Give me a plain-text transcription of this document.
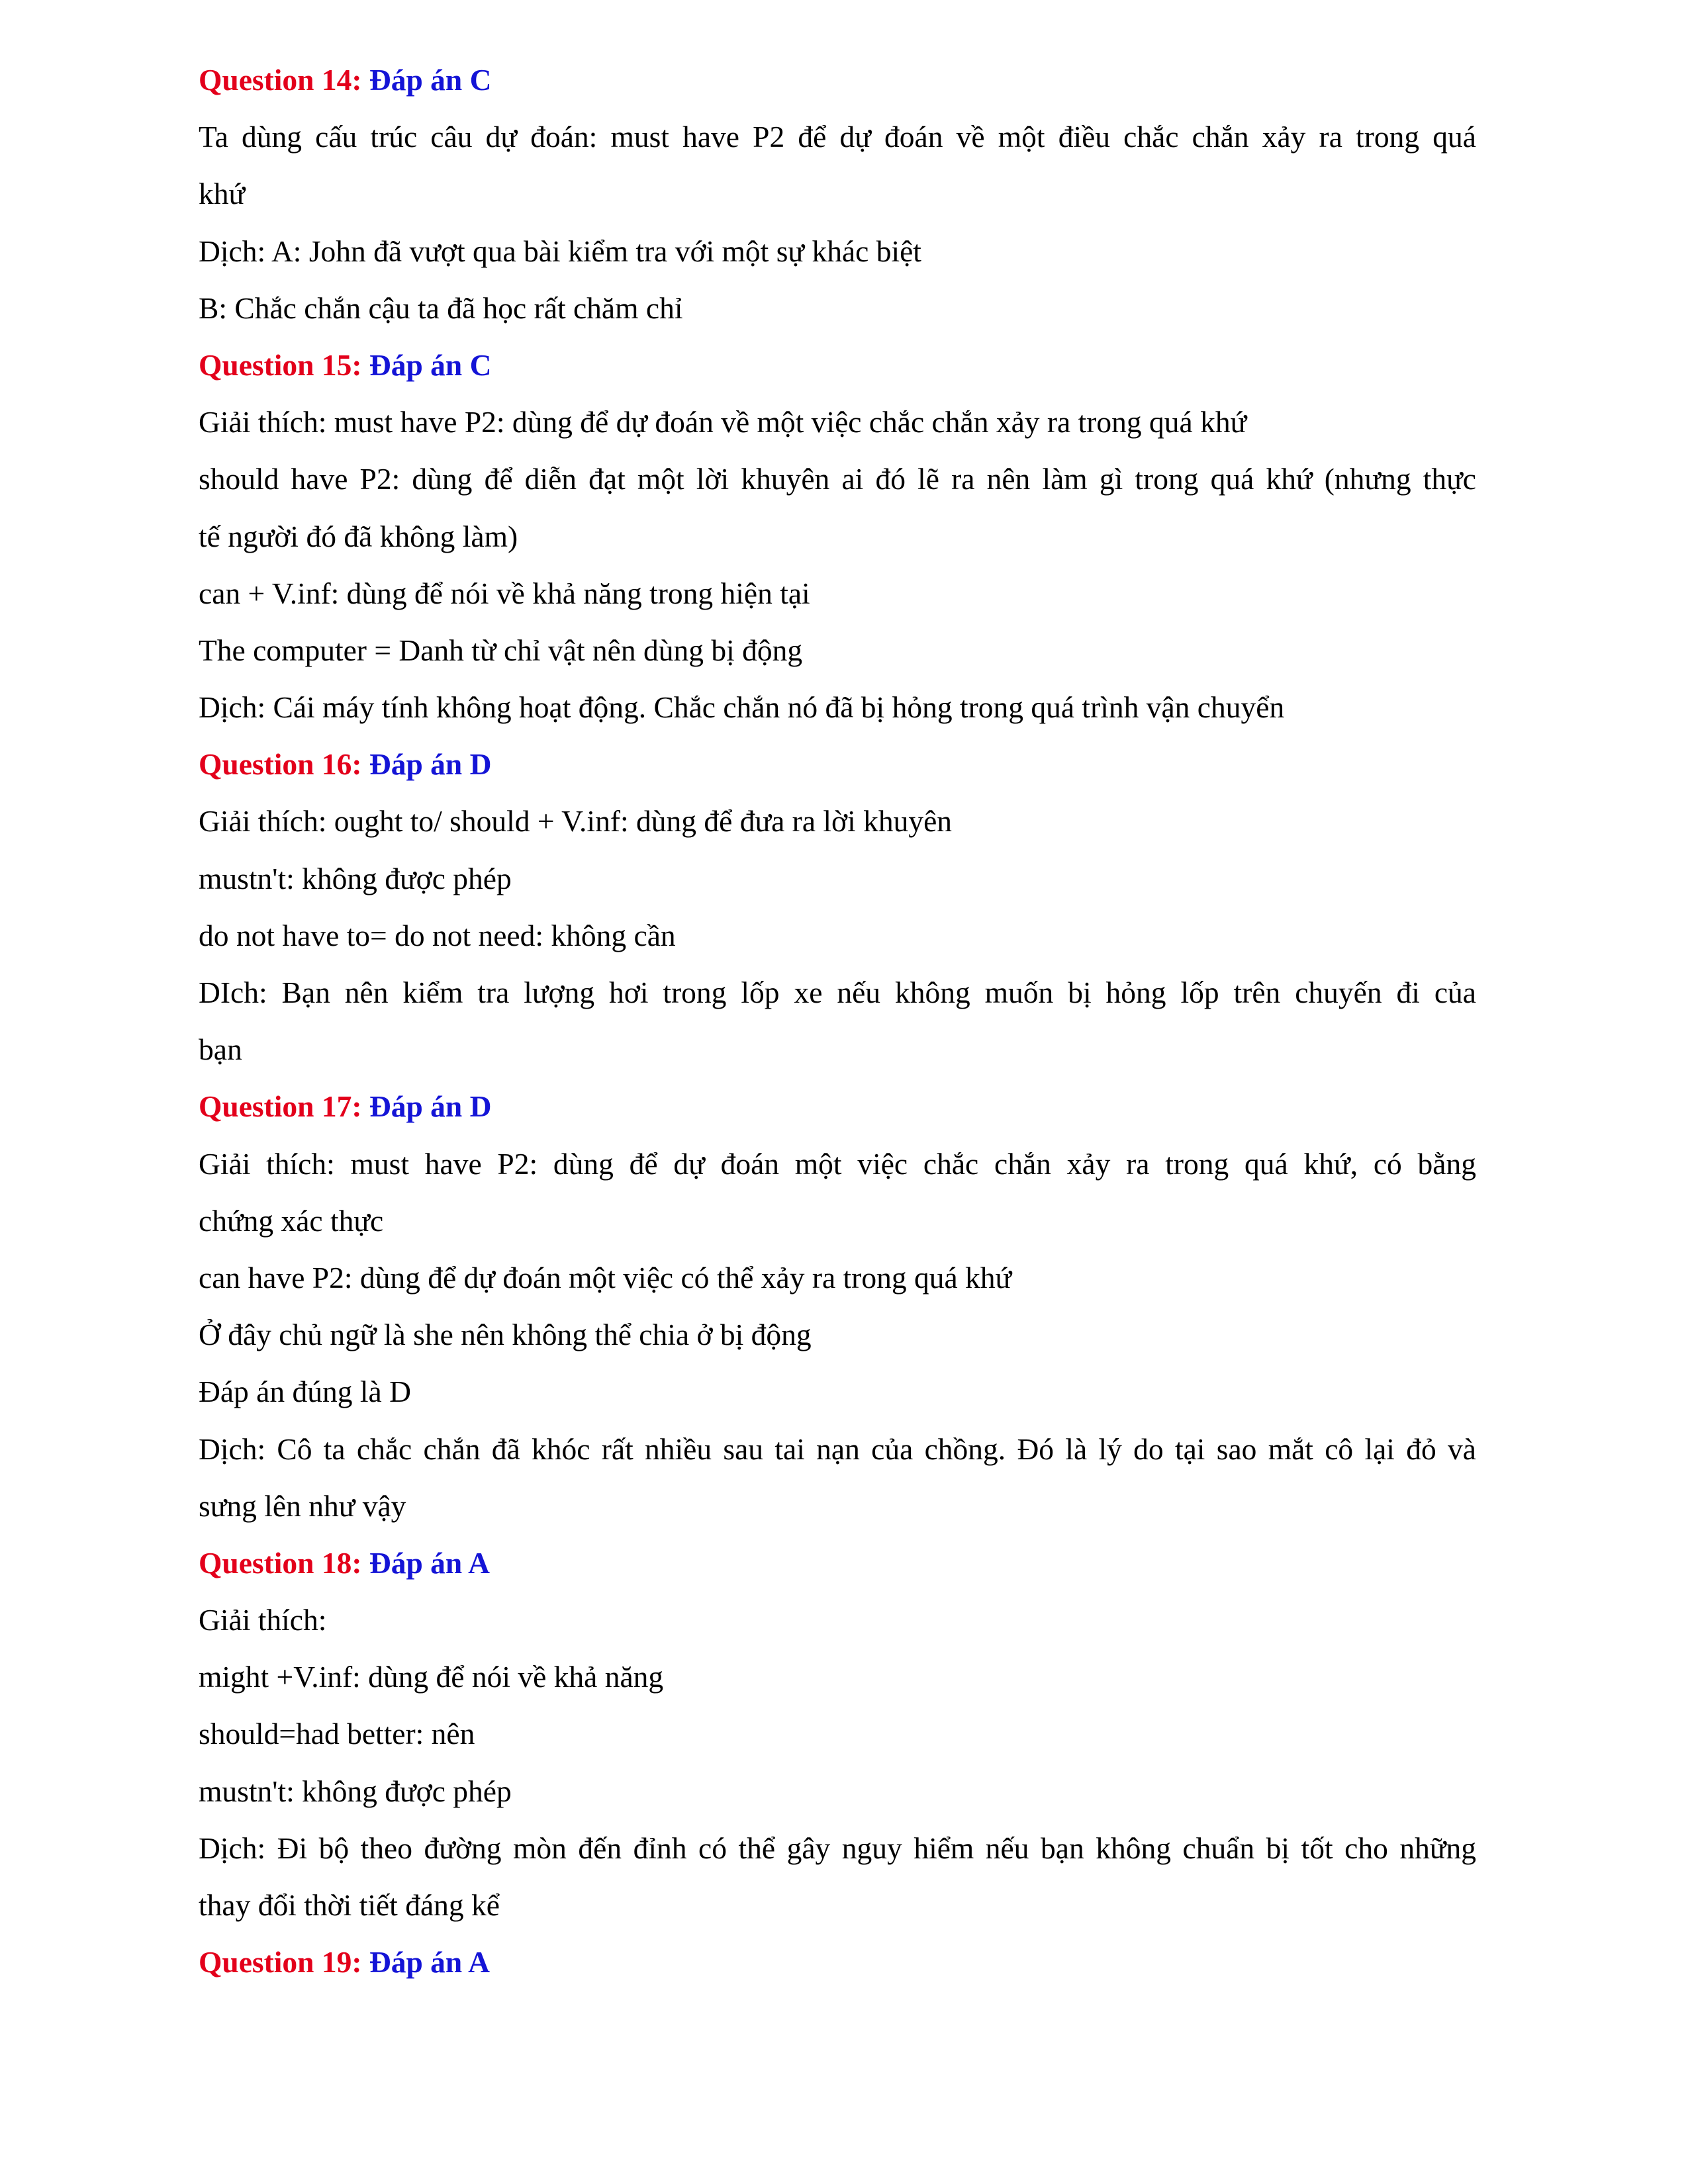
Question 14: Đáp án C
Ta dùng cấu trúc câu dự đoán: must have P2 để dự đoán về một điều chắc chắn xảy ra trong quá
khứ
Dịch: A: John đã vượt qua bài kiểm tra với một sự khác biệt
B: Chắc chắn cậu ta đã học rất chăm chỉ
Question 15: Đáp án C
Giải thích: must have P2: dùng để dự đoán về một việc chắc chắn xảy ra trong quá khứ
should have P2: dùng để diễn đạt một lời khuyên ai đó lẽ ra nên làm gì trong quá khứ (nhưng thực
tế người đó đã không làm)
can + V.inf: dùng để nói về khả năng trong hiện tại
The computer = Danh từ chỉ vật nên dùng bị động
Dịch: Cái máy tính không hoạt động. Chắc chắn nó đã bị hỏng trong quá trình vận chuyển
Question 16: Đáp án D
Giải thích: ought to/ should + V.inf: dùng để đưa ra lời khuyên
mustn't: không được phép
do not have to= do not need: không cần
DIch: Bạn nên kiểm tra lượng hơi trong lốp xe nếu không muốn bị hỏng lốp trên chuyến đi của
bạn
Question 17: Đáp án D
Giải thích: must have P2: dùng để dự đoán một việc chắc chắn xảy ra trong quá khứ, có bằng
chứng xác thực
can have P2: dùng để dự đoán một việc có thể xảy ra trong quá khứ
Ở đây chủ ngữ là she nên không thể chia ở bị động
Đáp án đúng là D
Dịch: Cô ta chắc chắn đã khóc rất nhiều sau tai nạn của chồng. Đó là lý do tại sao mắt cô lại đỏ và
sưng lên như vậy
Question 18: Đáp án A
Giải thích:
might +V.inf: dùng để nói về khả năng
should=had better: nên
mustn't: không được phép
Dịch: Đi bộ theo đường mòn đến đỉnh có thể gây nguy hiểm nếu bạn không chuẩn bị tốt cho những
thay đổi thời tiết đáng kể
Question 19: Đáp án A
